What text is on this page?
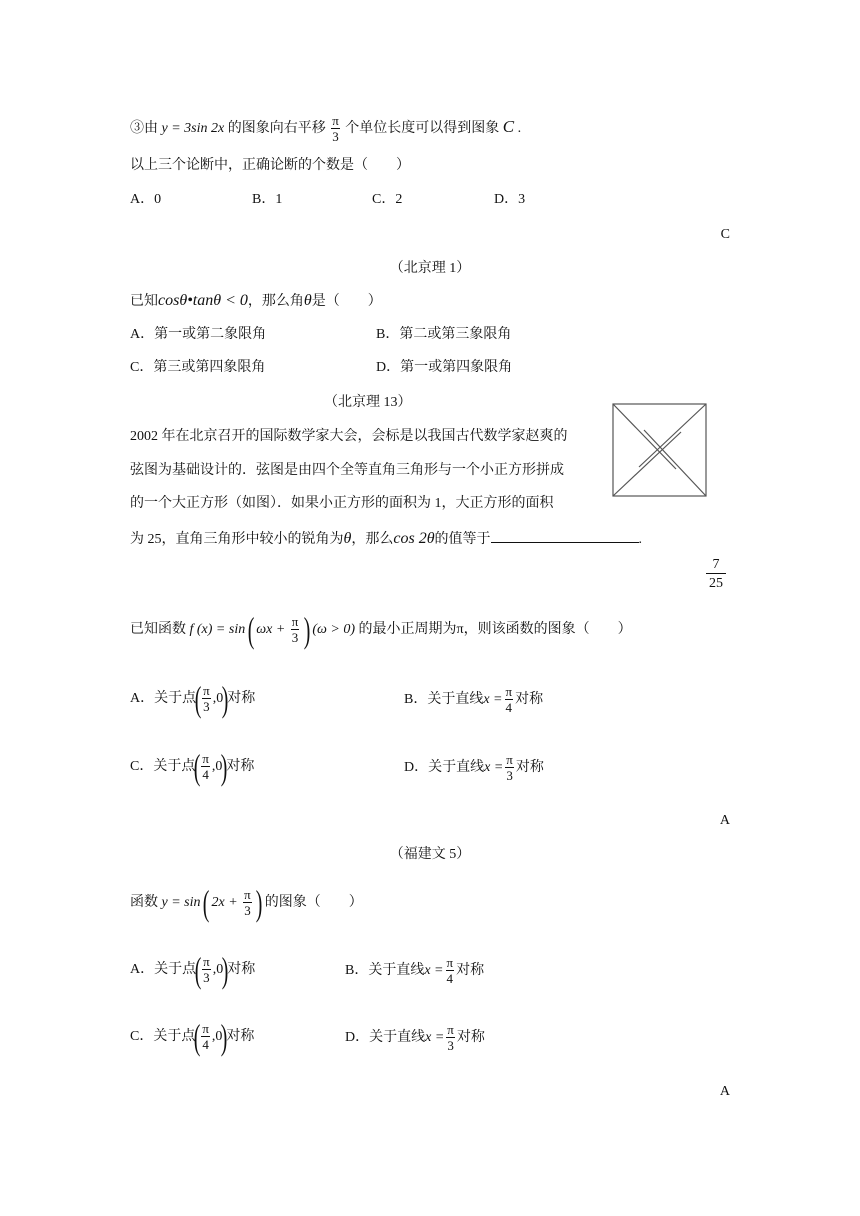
③由 y = 3sin 2x 的图象向右平移 $\frac{\pi}{3}$ 个单位长度可以得到图象 C .
以上三个论断中，正确论断的个数是（　　）
A．0	B．1	C．2	D．3
C
（北京理 1）
已知cosθ•tanθ < 0，那么角θ是（　　）
A．第一或第二象限角	B．第二或第三象限角
C．第三或第四象限角	D．第一或第四象限角
（北京理 13）
2002 年在北京召开的国际数学家大会，会标是以我国古代数学家赵爽的
弦图为基础设计的．弦图是由四个全等直角三角形与一个小正方形拼成
的一个大正方形（如图）．如果小正方形的面积为 1，大正方形的面积
为 25，直角三角形中较小的锐角为θ，那么cos 2θ的值等于	.
$\frac{7}{25}$
已知函数 f (x) = sin ( $\omega x + \frac{\pi}{3}$ ) (ω > 0) 的最小正周期为π，则该函数的图象（　　）
A．关于点( $\frac{\pi}{3} ,0$)对称	B．关于直线$x = \frac{\pi}{4}$ 对称
C．关于点( $\frac{\pi}{4} ,0$)对称	D．关于直线$x = \frac{\pi}{3}$ 对称
A
（福建文 5）
函数 y = sin ( $2x + \frac{\pi}{3}$ ) 的图象（　　）
A．关于点( $\frac{\pi}{3} ,0$)对称	B．关于直线$x = \frac{\pi}{4}$ 对称
C．关于点( $\frac{\pi}{4} ,0$)对称	D．关于直线$x = \frac{\pi}{3}$ 对称
A
